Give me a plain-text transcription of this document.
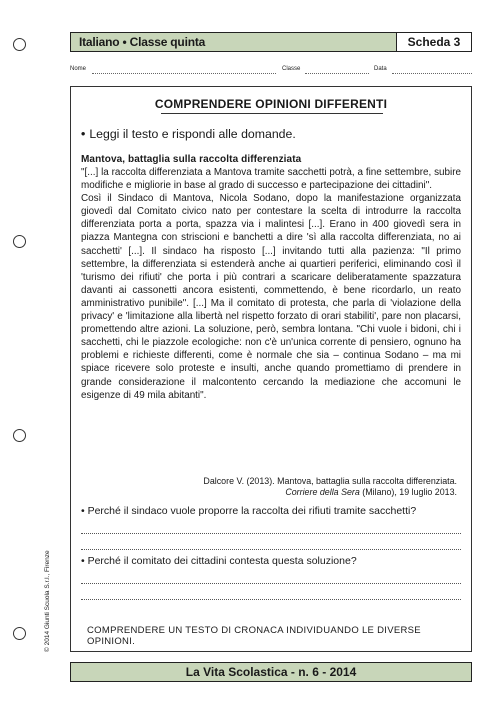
Italiano • Classe quinta	Scheda 3
Nome	Classe	Data
COMPRENDERE OPINIONI DIFFERENTI
• Leggi il testo e rispondi alle domande.
Mantova, battaglia sulla raccolta differenziata

"[...] la raccolta differenziata a Mantova tramite sacchetti potrà, a fine settembre, subire modifiche e migliorie in base al grado di successo e partecipazione dei cittadini".

Così il Sindaco di Mantova, Nicola Sodano, dopo la manifestazione organizzata giovedì dal Comitato civico nato per contestare la scelta di introdurre la raccolta differenziata porta a porta, spazza via i malintesi [...]. Erano in 400 giovedì sera in piazza Mantegna con striscioni e banchetti a dire 'sì alla raccolta differenziata, no ai sacchetti' [...]. Il sindaco ha risposto [...] invitando tutti alla pazienza: "Il primo settembre, la differenziata si estenderà anche ai quartieri periferici, eliminando così il 'turismo dei rifiuti' che porta i più contrari a scaricare deliberatamente spazzatura davanti ai cassonetti ancora esistenti, commettendo, è bene ricordarlo, un reato amministrativo punibile". [...] Ma il comitato di protesta, che parla di 'violazione della privacy' e 'limitazione alla libertà nel rispetto forzato di orari stabiliti', pare non placarsi, promettendo altre azioni. La soluzione, però, sembra lontana. "Chi vuole i bidoni, chi i sacchetti, chi le piazzole ecologiche: non c'è un'unica corrente di pensiero, ognuno ha problemi e richieste differenti, come è normale che sia – continua Sodano – ma mi spiace ricevere solo proteste e insulti, anche quando promettiamo di prendere in grande considerazione il malcontento cercando la mediazione che accomuni le esigenze di 49 mila abitanti".

Dalcore V. (2013). Mantova, battaglia sulla raccolta differenziata.
Corriere della Sera (Milano), 19 luglio 2013.
• Perché il sindaco vuole proporre la raccolta dei rifiuti tramite sacchetti?
• Perché il comitato dei cittadini contesta questa soluzione?
COMPRENDERE UN TESTO DI CRONACA INDIVIDUANDO LE DIVERSE OPINIONI.
© 2014 Giunti Scuola S.r.l., Firenze
La Vita Scolastica - n. 6 - 2014
